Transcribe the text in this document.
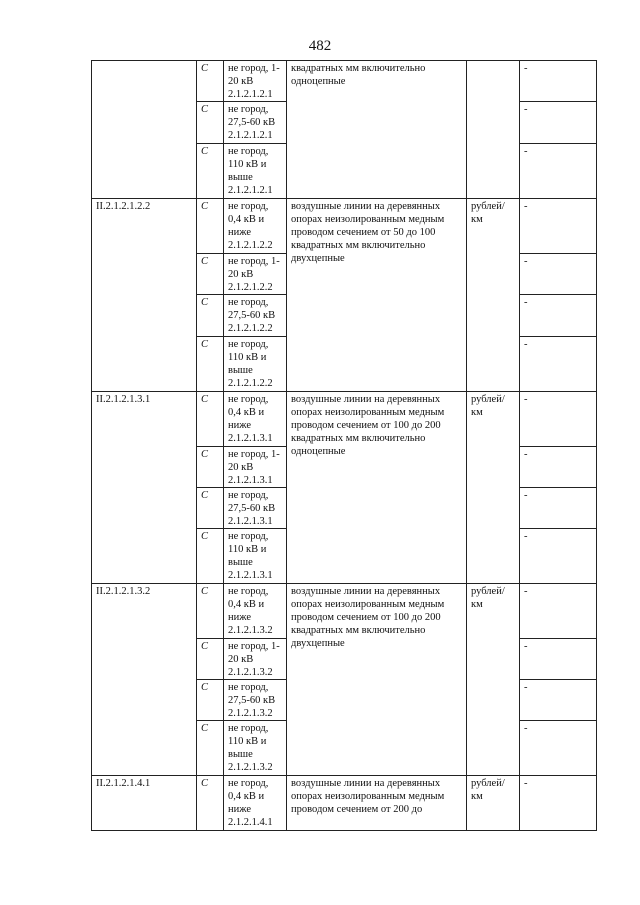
482
	С	не город, 1-20 кВ 2.1.2.1.2.1	квадратных мм включительно одноцепные		-
	С	не город, 27,5-60 кВ 2.1.2.1.2.1			-
	С	не город, 110 кВ и выше 2.1.2.1.2.1			-
II.2.1.2.1.2.2	С	не город, 0,4 кВ и ниже 2.1.2.1.2.2	воздушные линии на деревянных опорах неизолированным медным проводом сечением от 50 до 100 квадратных мм включительно двухцепные	рублей/ км	-
	С	не город, 1-20 кВ 2.1.2.1.2.2			-
	С	не город, 27,5-60 кВ 2.1.2.1.2.2			-
	С	не город, 110 кВ и выше 2.1.2.1.2.2			-
II.2.1.2.1.3.1	С	не город, 0,4 кВ и ниже 2.1.2.1.3.1	воздушные линии на деревянных опорах неизолированным медным проводом сечением от 100 до 200 квадратных мм включительно одноцепные	рублей/ км	-
	С	не город, 1-20 кВ 2.1.2.1.3.1			-
	С	не город, 27,5-60 кВ 2.1.2.1.3.1			-
	С	не город, 110 кВ и выше 2.1.2.1.3.1			-
II.2.1.2.1.3.2	С	не город, 0,4 кВ и ниже 2.1.2.1.3.2	воздушные линии на деревянных опорах неизолированным медным проводом сечением от 100 до 200 квадратных мм включительно двухцепные	рублей/ км	-
	С	не город, 1-20 кВ 2.1.2.1.3.2			-
	С	не город, 27,5-60 кВ 2.1.2.1.3.2			-
	С	не город, 110 кВ и выше 2.1.2.1.3.2			-
II.2.1.2.1.4.1	С	не город, 0,4 кВ и ниже 2.1.2.1.4.1	воздушные линии на деревянных опорах неизолированным медным проводом сечением от 200 до	рублей/ км	-
